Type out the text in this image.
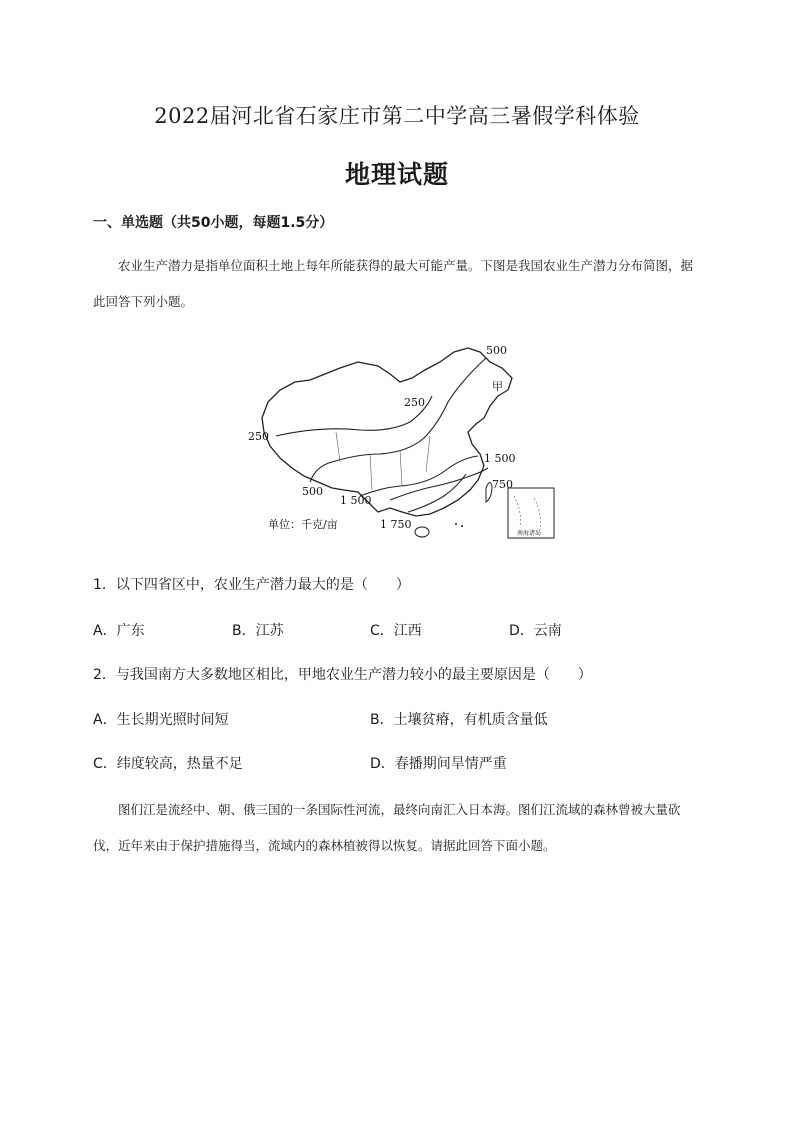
2022届河北省石家庄市第二中学高三暑假学科体验
地理试题
一、单选题（共50小题，每题1.5分）
农业生产潜力是指单位面积土地上每年所能获得的最大可能产量。下图是我国农业生产潜力分布简图，据此回答下列小题。
南海诸岛
500
甲
250
250
1 500
750
500
1 500
1 750
单位：千克/亩
1．以下四省区中，农业生产潜力最大的是（　　）
A．广东	B．江苏	C．江西	D．云南
2．与我国南方大多数地区相比，甲地农业生产潜力较小的最主要原因是（　　）
A．生长期光照时间短	B．土壤贫瘠，有机质含量低
C．纬度较高，热量不足	D．春播期间旱情严重
图们江是流经中、朝、俄三国的一条国际性河流，最终向南汇入日本海。图们江流域的森林曾被大量砍伐，近年来由于保护措施得当，流域内的森林植被得以恢复。请据此回答下面小题。
